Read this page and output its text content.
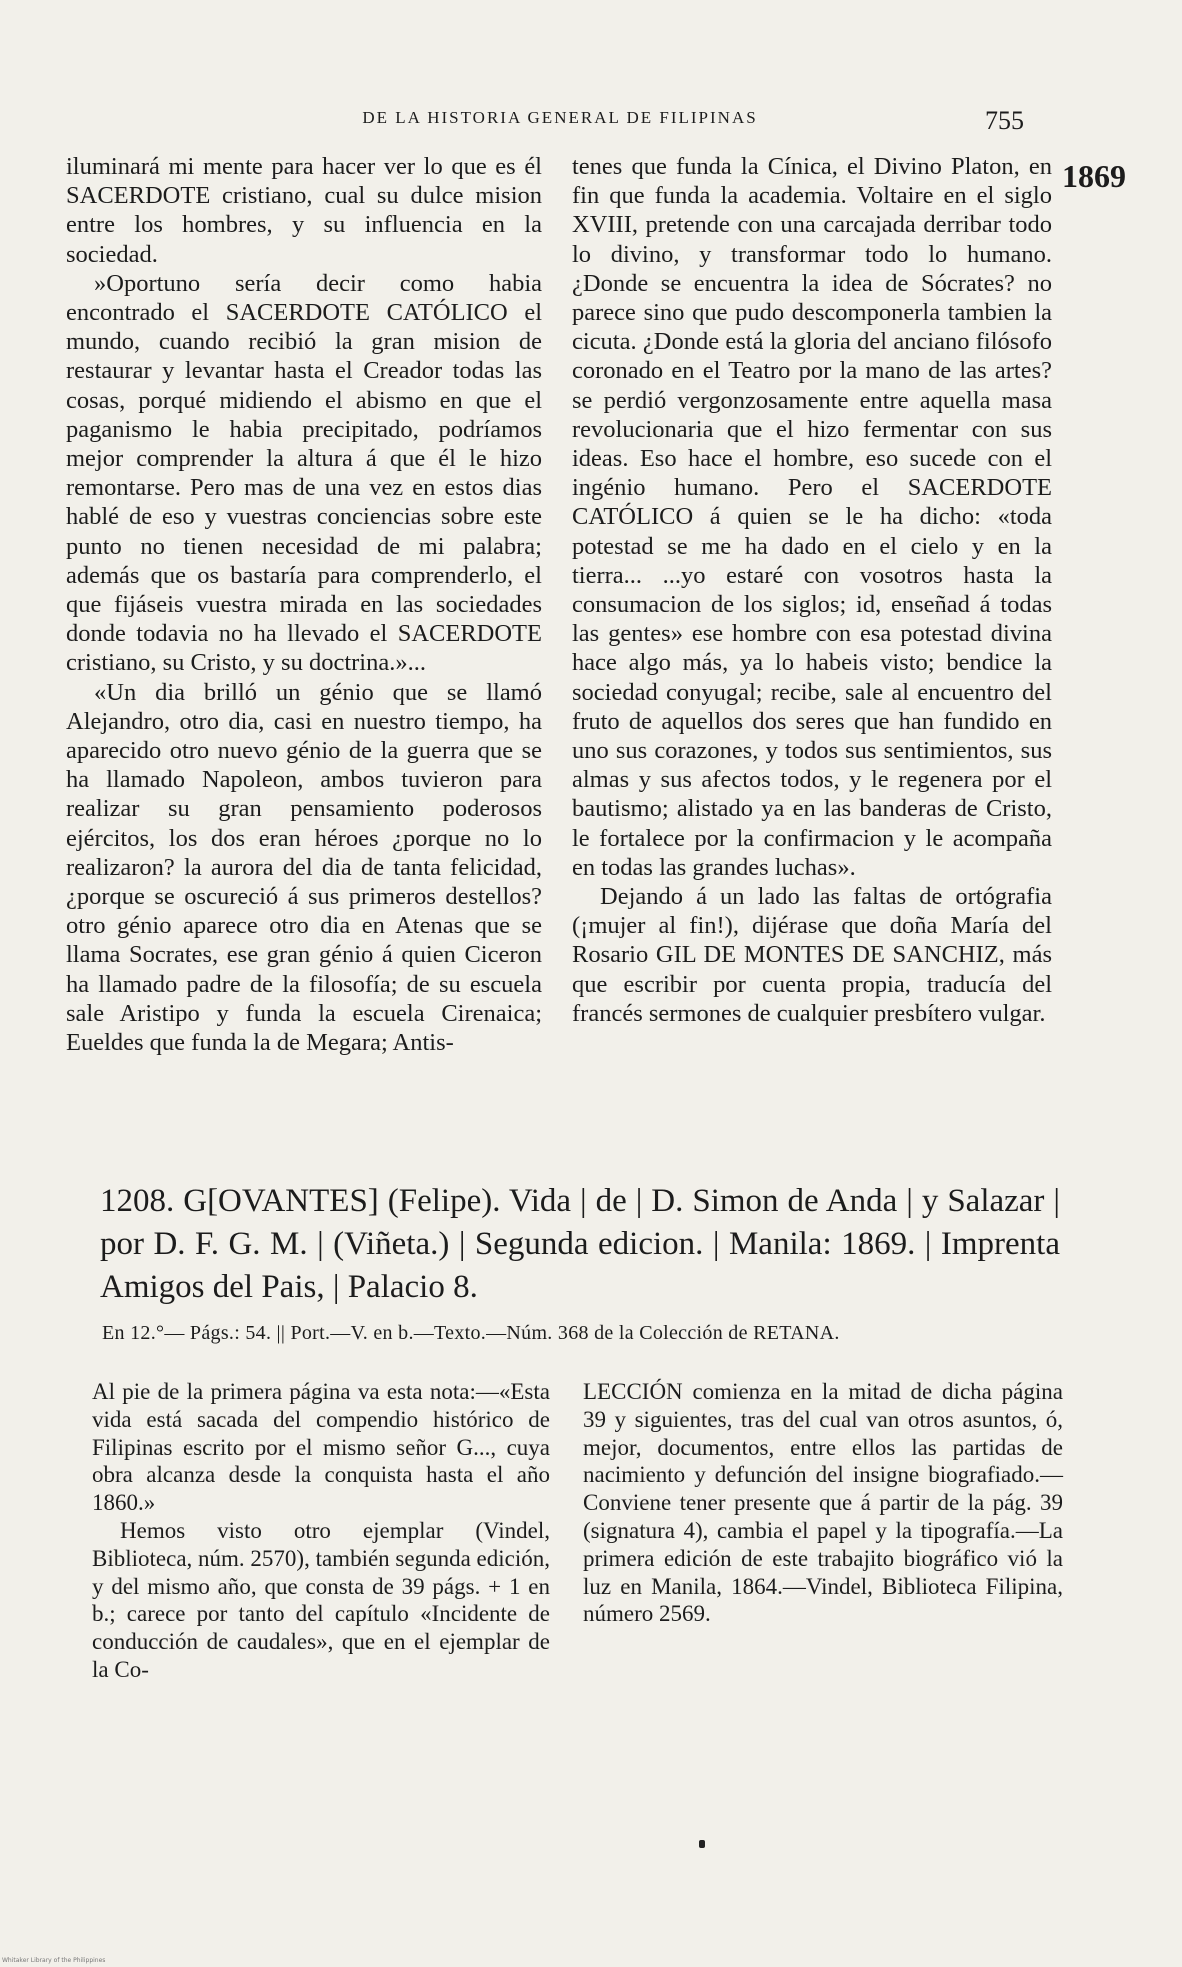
DE LA HISTORIA GENERAL DE FILIPINAS	755
1869

iluminará mi mente para hacer ver lo que es él SACERDOTE cristiano, cual su dulce mision entre los hombres, y su influencia en la sociedad.

»Oportuno sería decir como habia encontrado el SACERDOTE CATÓLICO el mundo, cuando recibió la gran mision de restaurar y levantar hasta el Creador todas las cosas, porqué midiendo el abismo en que el paganismo le habia precipitado, podríamos mejor comprender la altura á que él le hizo remontarse. Pero mas de una vez en estos dias hablé de eso y vuestras conciencias sobre este punto no tienen necesidad de mi palabra; además que os bastaría para comprenderlo, el que fijáseis vuestra mirada en las sociedades donde todavia no ha llevado el SACERDOTE cristiano, su Cristo, y su doctrina.»...

«Un dia brilló un génio que se llamó Alejandro, otro dia, casi en nuestro tiempo, ha aparecido otro nuevo génio de la guerra que se ha llamado Napoleon, ambos tuvieron para realizar su gran pensamiento poderosos ejércitos, los dos eran héroes ¿porque no lo realizaron? la aurora del dia de tanta felicidad, ¿porque se oscureció á sus primeros destellos? otro génio aparece otro dia en Atenas que se llama Socrates, ese gran génio á quien Ciceron ha llamado padre de la filosofía; de su escuela sale Aristipo y funda la escuela Cirenaica; Eueldes que funda la de Megara; Antis-

tenes que funda la Cínica, el Divino Platon, en fin que funda la academia. Voltaire en el siglo XVIII, pretende con una carcajada derribar todo lo divino, y transformar todo lo humano. ¿Donde se encuentra la idea de Sócrates? no parece sino que pudo descomponerla tambien la cicuta. ¿Donde está la gloria del anciano filósofo coronado en el Teatro por la mano de las artes? se perdió vergonzosamente entre aquella masa revolucionaria que el hizo fermentar con sus ideas. Eso hace el hombre, eso sucede con el ingénio humano. Pero el SACERDOTE CATÓLICO á quien se le ha dicho: «toda potestad se me ha dado en el cielo y en la tierra... ...yo estaré con vosotros hasta la consumacion de los siglos; id, enseñad á todas las gentes» ese hombre con esa potestad divina hace algo más, ya lo habeis visto; bendice la sociedad conyugal; recibe, sale al encuentro del fruto de aquellos dos seres que han fundido en uno sus corazones, y todos sus sentimientos, sus almas y sus afectos todos, y le regenera por el bautismo; alistado ya en las banderas de Cristo, le fortalece por la confirmacion y le acompaña en todas las grandes luchas».

Dejando á un lado las faltas de ortógrafia (¡mujer al fin!), dijérase que doña María del Rosario GIL DE MONTES DE SANCHIZ, más que escribir por cuenta propia, traducía del francés sermones de cualquier presbítero vulgar.

1208. G[OVANTES] (Felipe). Vida | de | D. Simon de Anda | y Salazar | por D. F. G. M. | (Viñeta.) | Segunda edicion. | Manila: 1869. | Imprenta Amigos del Pais, | Palacio 8.
En 12.°— Págs.: 54. || Port.—V. en b.—Texto.—Núm. 368 de la Colección de RETANA.

Al pie de la primera página va esta nota:—«Esta vida está sacada del compendio histórico de Filipinas escrito por el mismo señor G..., cuya obra alcanza desde la conquista hasta el año 1860.»

Hemos visto otro ejemplar (Vindel, Biblioteca, núm. 2570), también segunda edición, y del mismo año, que consta de 39 págs. + 1 en b.; carece por tanto del capítulo «Incidente de conducción de caudales», que en el ejemplar de la Co-

LECCIÓN comienza en la mitad de dicha página 39 y siguientes, tras del cual van otros asuntos, ó, mejor, documentos, entre ellos las partidas de nacimiento y defunción del insigne biografiado.—Conviene tener presente que á partir de la pág. 39 (signatura 4), cambia el papel y la tipografía.—La primera edición de este trabajito biográfico vió la luz en Manila, 1864.—Vindel, Biblioteca Filipina, número 2569.

Whitaker Library of the Philippines
